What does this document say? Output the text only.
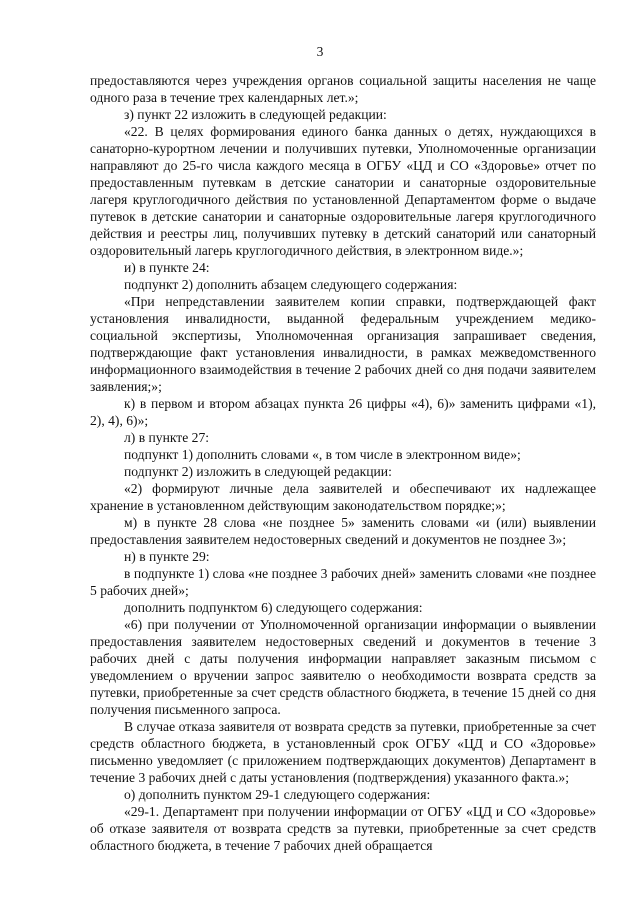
3

предоставляются через учреждения органов социальной защиты населения не чаще одного раза в течение трех календарных лет.»;

з) пункт 22 изложить в следующей редакции:

«22. В целях формирования единого банка данных о детях, нуждающихся в санаторно-курортном лечении и получивших путевки, Уполномоченные организации направляют до 25-го числа каждого месяца в ОГБУ «ЦД и СО «Здоровье» отчет по предоставленным путевкам в детские санатории и санаторные оздоровительные лагеря круглогодичного действия по установленной Департаментом форме о выдаче путевок в детские санатории и санаторные оздоровительные лагеря круглогодичного действия и реестры лиц, получивших путевку в детский санаторий или санаторный оздоровительный лагерь круглогодичного действия, в электронном виде.»;

и) в пункте 24:

подпункт 2) дополнить абзацем следующего содержания:

«При непредставлении заявителем копии справки, подтверждающей факт установления инвалидности, выданной федеральным учреждением медико-социальной экспертизы, Уполномоченная организация запрашивает сведения, подтверждающие факт установления инвалидности, в рамках межведомственного информационного взаимодействия в течение 2 рабочих дней со дня подачи заявителем заявления;»;

к) в первом и втором абзацах пункта 26 цифры «4), 6)» заменить цифрами «1), 2), 4), 6)»;

л) в пункте 27:

подпункт 1) дополнить словами «, в том числе в электронном виде»;

подпункт 2) изложить в следующей редакции:

«2) формируют личные дела заявителей и обеспечивают их надлежащее хранение в установленном действующим законодательством порядке;»;

м) в пункте 28 слова «не позднее 5» заменить словами «и (или) выявлении предоставления заявителем недостоверных сведений и документов не позднее 3»;

н) в пункте 29:

в подпункте 1) слова «не позднее 3 рабочих дней» заменить словами «не позднее 5 рабочих дней»;

дополнить подпунктом 6) следующего содержания:

«6) при получении от Уполномоченной организации информации о выявлении предоставления заявителем недостоверных сведений и документов в течение 3 рабочих дней с даты получения информации направляет заказным письмом с уведомлением о вручении запрос заявителю о необходимости возврата средств за путевки, приобретенные за счет средств областного бюджета, в течение 15 дней со дня получения письменного запроса.

В случае отказа заявителя от возврата средств за путевки, приобретенные за счет средств областного бюджета, в установленный срок ОГБУ «ЦД и СО «Здоровье» письменно уведомляет (с приложением подтверждающих документов) Департамент в течение 3 рабочих дней с даты установления (подтверждения) указанного факта.»;

о) дополнить пунктом 29-1 следующего содержания:

«29-1. Департамент при получении информации от ОГБУ «ЦД и СО «Здоровье» об отказе заявителя от возврата средств за путевки, приобретенные за счет средств областного бюджета, в течение 7 рабочих дней обращается
